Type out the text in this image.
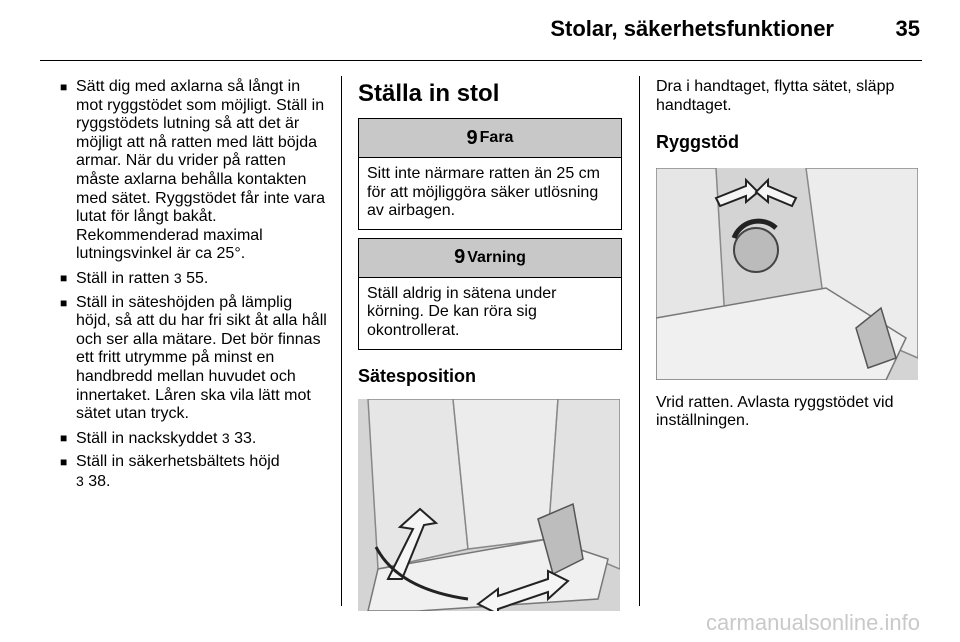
Stolar, säkerhetsfunktioner	35
■ Sätt dig med axlarna så långt in mot ryggstödet som möjligt. Ställ in ryggstödets lutning så att det är möjligt att nå ratten med lätt böjda armar. När du vrider på ratten måste axlarna behålla kontakten med sätet. Ryggstödet får inte vara lutat för långt bakåt. Rekommenderad maximal lutningsvinkel är ca 25°.
■ Ställ in ratten 3 55.
■ Ställ in säteshöjden på lämplig höjd, så att du har fri sikt åt alla håll och ser alla mätare. Det bör finnas ett fritt utrymme på minst en handbredd mellan huvudet och innertaket. Låren ska vila lätt mot sätet utan tryck.
■ Ställ in nackskyddet 3 33.
■ Ställ in säkerhetsbältets höjd
3 38.
Ställa in stol
9 Fara
Sitt inte närmare ratten än 25 cm för att möjliggöra säker utlösning av airbagen.
9 Varning
Ställ aldrig in sätena under körning. De kan röra sig okontrollerat.
Sätesposition

Dra i handtaget, flytta sätet, släpp handtaget.

Ryggstöd

Vrid ratten. Avlasta ryggstödet vid inställningen.

carmanualsonline.info
